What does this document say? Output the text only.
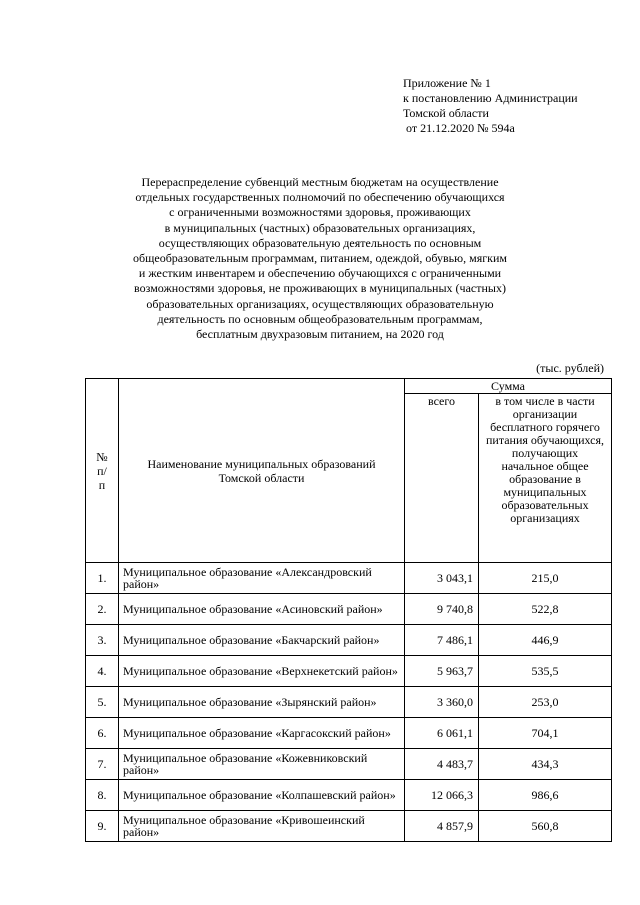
Приложение № 1
к постановлению Администрации
Томской области
от 21.12.2020 № 594а
Перераспределение субвенций местным бюджетам на осуществление
отдельных государственных полномочий по обеспечению обучающихся
с ограниченными возможностями здоровья, проживающих
в муниципальных (частных) образовательных организациях,
осуществляющих образовательную деятельность по основным
общеобразовательным программам, питанием, одеждой, обувью, мягким
и жестким инвентарем и обеспечению обучающихся с ограниченными
возможностями здоровья, не проживающих в муниципальных (частных)
образовательных организациях, осуществляющих образовательную
деятельность по основным общеобразовательным программам,
бесплатным двухразовым питанием, на 2020 год
(тыс. рублей)
№ п/п	Наименование муниципальных образований Томской области	Сумма	
		всего	в том числе в части организации бесплатного горячего питания обучающихся, получающих начальное общее образование в муниципальных образовательных организациях
1.	Муниципальное образование «Александровский район»	3 043,1	215,0
2.	Муниципальное образование «Асиновский район»	9 740,8	522,8
3.	Муниципальное образование «Бакчарский район»	7 486,1	446,9
4.	Муниципальное образование «Верхнекетский район»	5 963,7	535,5
5.	Муниципальное образование «Зырянский район»	3 360,0	253,0
6.	Муниципальное образование «Каргасокский район»	6 061,1	704,1
7.	Муниципальное образование «Кожевниковский район»	4 483,7	434,3
8.	Муниципальное образование «Колпашевский район»	12 066,3	986,6
9.	Муниципальное образование «Кривошеинский район»	4 857,9	560,8
